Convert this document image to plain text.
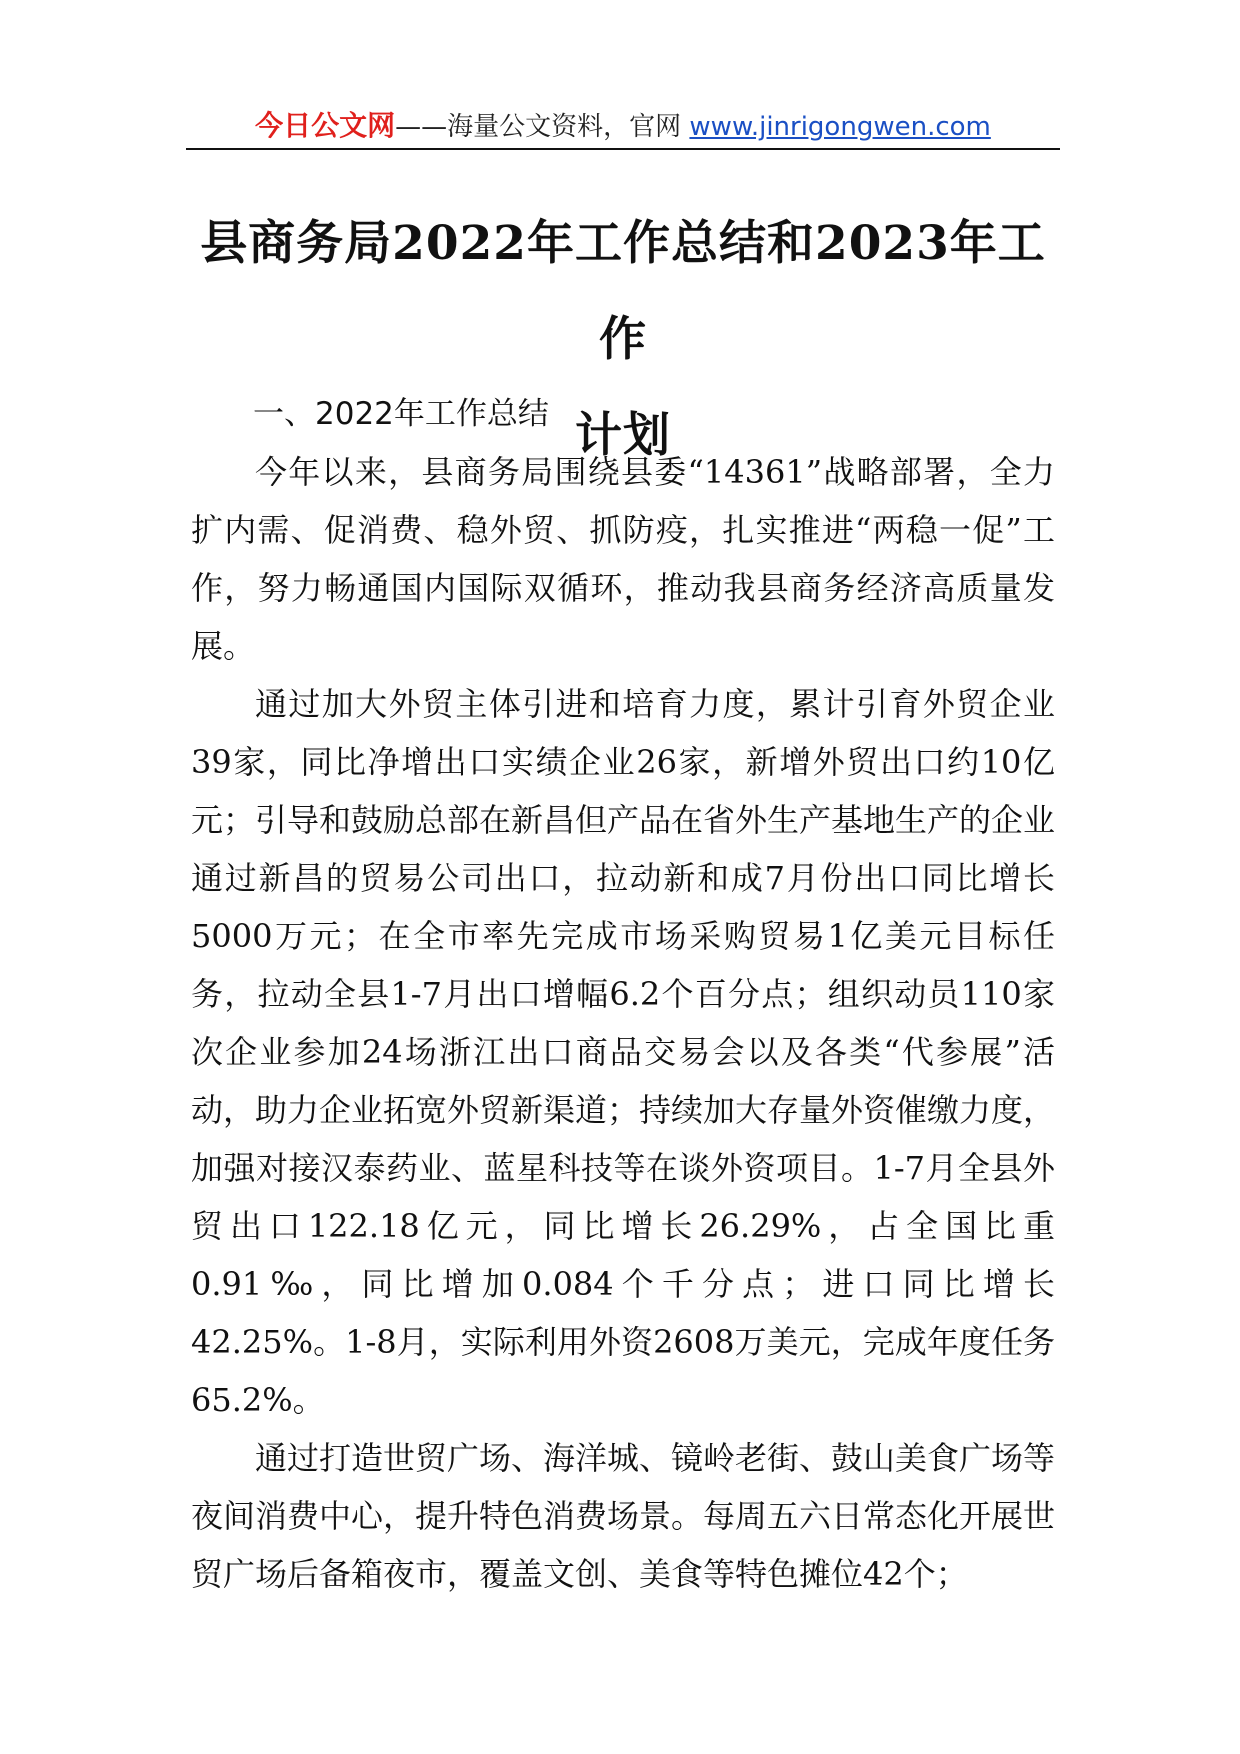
今日公文网——海量公文资料，官网 www.jinrigongwen.com
县商务局2022年工作总结和2023年工作
计划

一、2022年工作总结

今年以来，县商务局围绕县委“14361”战略部署，全力扩内需、促消费、稳外贸、抓防疫，扎实推进“两稳一促”工作，努力畅通国内国际双循环，推动我县商务经济高质量发展。

通过加大外贸主体引进和培育力度，累计引育外贸企业39家，同比净增出口实绩企业26家，新增外贸出口约10亿元；引导和鼓励总部在新昌但产品在省外生产基地生产的企业通过新昌的贸易公司出口，拉动新和成7月份出口同比增长5000万元；在全市率先完成市场采购贸易1亿美元目标任务，拉动全县1-7月出口增幅6.2个百分点；组织动员110家次企业参加24场浙江出口商品交易会以及各类“代参展”活动，助力企业拓宽外贸新渠道；持续加大存量外资催缴力度，加强对接汉泰药业、蓝星科技等在谈外资项目。1-7月全县外贸出口122.18亿元，同比增长26.29%，占全国比重0.91‰，同比增加0.084个千分点；进口同比增长42.25%。1-8月，实际利用外资2608万美元，完成年度任务65.2%。

通过打造世贸广场、海洋城、镜岭老街、鼓山美食广场等夜间消费中心，提升特色消费场景。每周五六日常态化开展世贸广场后备箱夜市，覆盖文创、美食等特色摊位42个；
